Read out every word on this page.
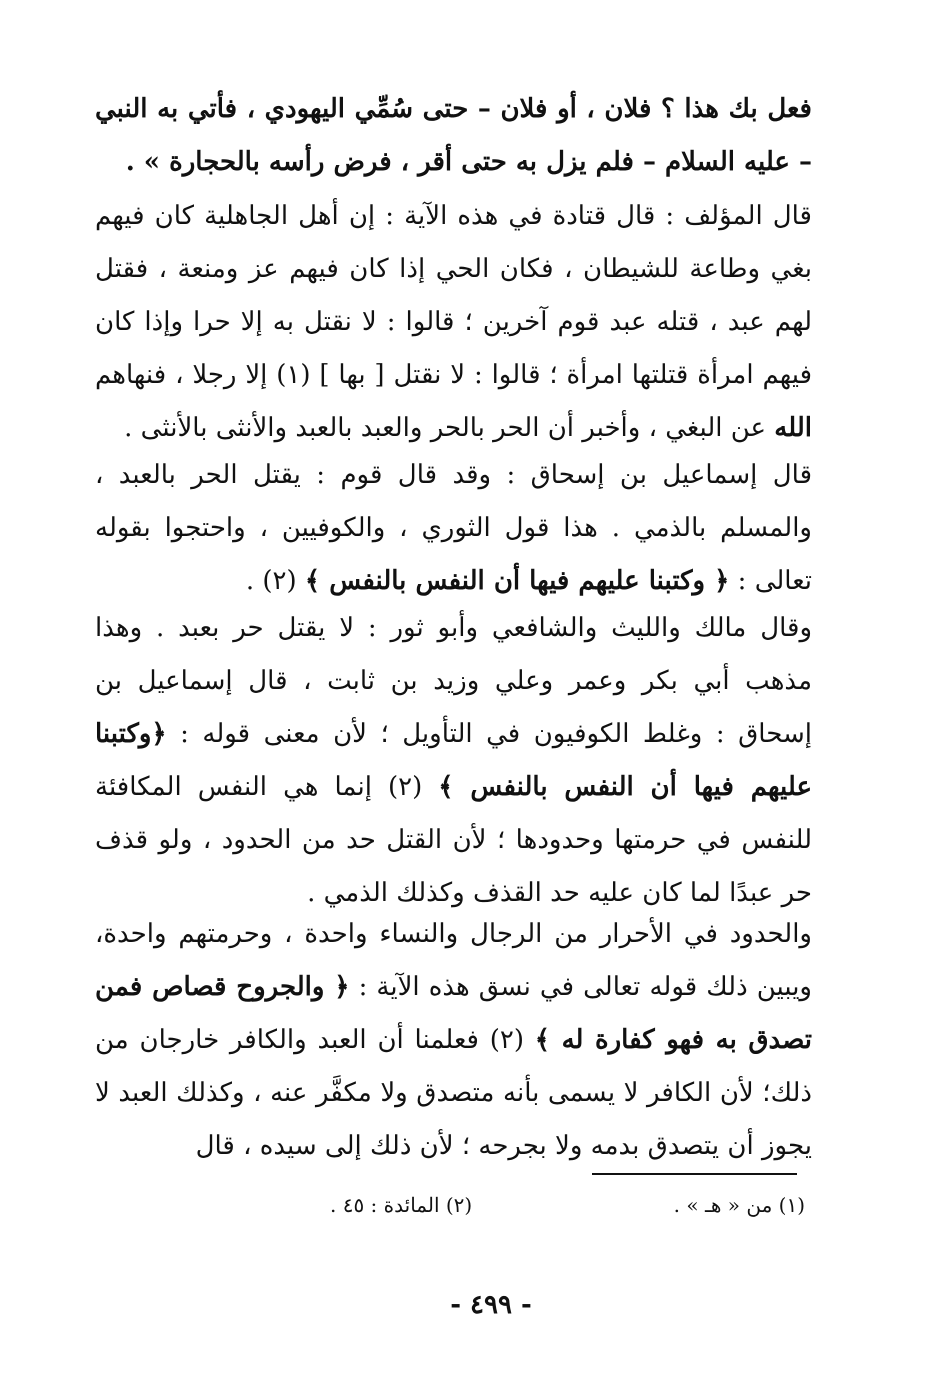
فعل بك هذا ؟ فلان ، أو فلان – حتى سُمِّي اليهودي ، فأتي به النبي – عليه السلام – فلم يزل به حتى أقر ، فرض رأسه بالحجارة » .

قال المؤلف : قال قتادة في هذه الآية : إن أهل الجاهلية كان فيهم بغي وطاعة للشيطان ، فكان الحي إذا كان فيهم عز ومنعة ، فقتل لهم عبد ، قتله عبد قوم آخرين ؛ قالوا : لا نقتل به إلا حرا وإذا كان فيهم امرأة قتلتها امرأة ؛ قالوا : لا نقتل [ بها ] (١) إلا رجلا ، فنهاهم الله عن البغي ، وأخبر أن الحر بالحر والعبد بالعبد والأنثى بالأنثى .

قال إسماعيل بن إسحاق : وقد قال قوم : يقتل الحر بالعبد ، والمسلم بالذمي . هذا قول الثوري ، والكوفيين ، واحتجوا بقوله تعالى : ﴿ وكتبنا عليهم فيها أن النفس بالنفس ﴾ (٢) .

وقال مالك والليث والشافعي وأبو ثور : لا يقتل حر بعبد . وهذا مذهب أبي بكر وعمر وعلي وزيد بن ثابت ، قال إسماعيل بن إسحاق : وغلط الكوفيون في التأويل ؛ لأن معنى قوله : ﴿وكتبنا عليهم فيها أن النفس بالنفس ﴾ (٢) إنما هي النفس المكافئة للنفس في حرمتها وحدودها ؛ لأن القتل حد من الحدود ، ولو قذف حر عبدًا لما كان عليه حد القذف وكذلك الذمي .

والحدود في الأحرار من الرجال والنساء واحدة ، وحرمتهم واحدة، ويبين ذلك قوله تعالى في نسق هذه الآية : ﴿ والجروح قصاص فمن تصدق به فهو كفارة له ﴾ (٢) فعلمنا أن العبد والكافر خارجان من ذلك؛ لأن الكافر لا يسمى بأنه متصدق ولا مكفَّر عنه ، وكذلك العبد لا يجوز أن يتصدق بدمه ولا بجرحه ؛ لأن ذلك إلى سيده ، قال

(١) من « هـ » .
(٢) المائدة : ٤٥ .
- ٤٩٩ -
